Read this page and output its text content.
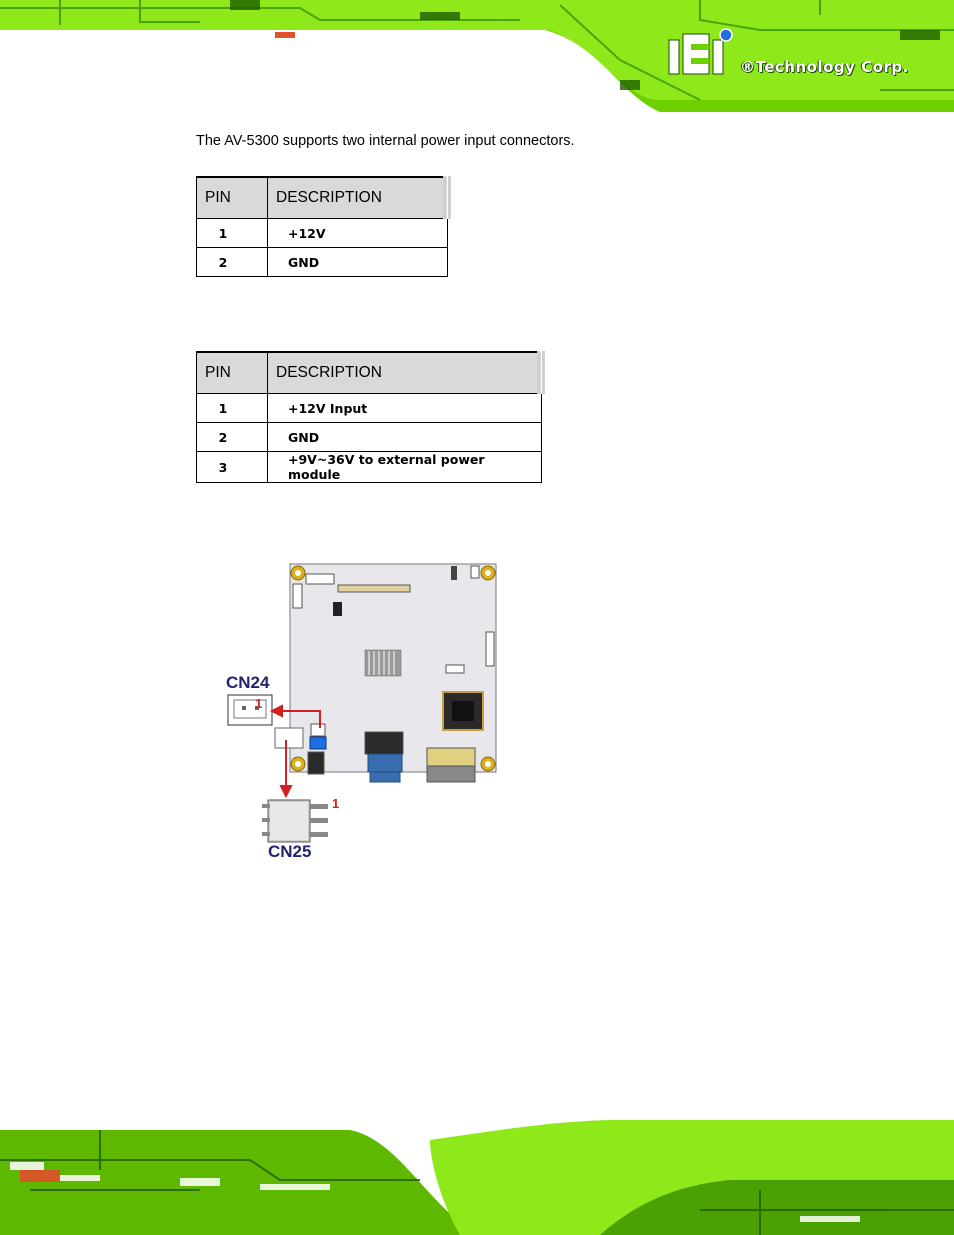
®Technology Corp.
The AV-5300 supports two internal power input connectors.
PIN	DESCRIPTION
1	+12V
2	GND
PIN	DESCRIPTION
1	+12V Input
2	GND
3	+9V~36V to external power module
CN24
1
CN25
1
